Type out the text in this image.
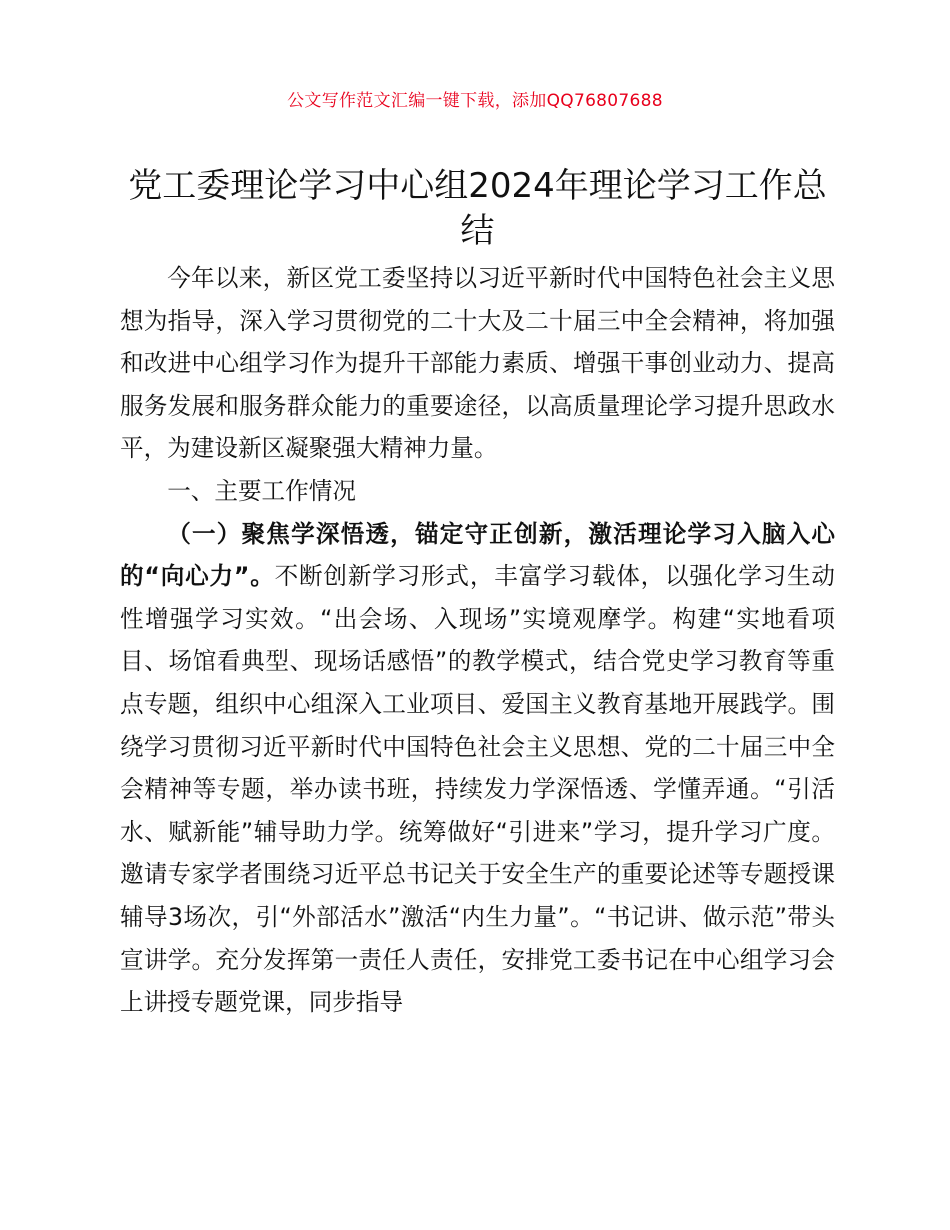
公文写作范文汇编一键下载，添加QQ76807688
党工委理论学习中心组2024年理论学习工作总结

今年以来，新区党工委坚持以习近平新时代中国特色社会主义思想为指导，深入学习贯彻党的二十大及二十届三中全会精神，将加强和改进中心组学习作为提升干部能力素质、增强干事创业动力、提高服务发展和服务群众能力的重要途径，以高质量理论学习提升思政水平，为建设新区凝聚强大精神力量。

一、主要工作情况

（一）聚焦学深悟透，锚定守正创新，激活理论学习入脑入心的“向心力”。不断创新学习形式，丰富学习载体，以强化学习生动性增强学习实效。“出会场、入现场”实境观摩学。构建“实地看项目、场馆看典型、现场话感悟”的教学模式，结合党史学习教育等重点专题，组织中心组深入工业项目、爱国主义教育基地开展践学。围绕学习贯彻习近平新时代中国特色社会主义思想、党的二十届三中全会精神等专题，举办读书班，持续发力学深悟透、学懂弄通。“引活水、赋新能”辅导助力学。统筹做好“引进来”学习，提升学习广度。邀请专家学者围绕习近平总书记关于安全生产的重要论述等专题授课辅导3场次，引“外部活水”激活“内生力量”。“书记讲、做示范”带头宣讲学。充分发挥第一责任人责任，安排党工委书记在中心组学习会上讲授专题党课，同步指导
